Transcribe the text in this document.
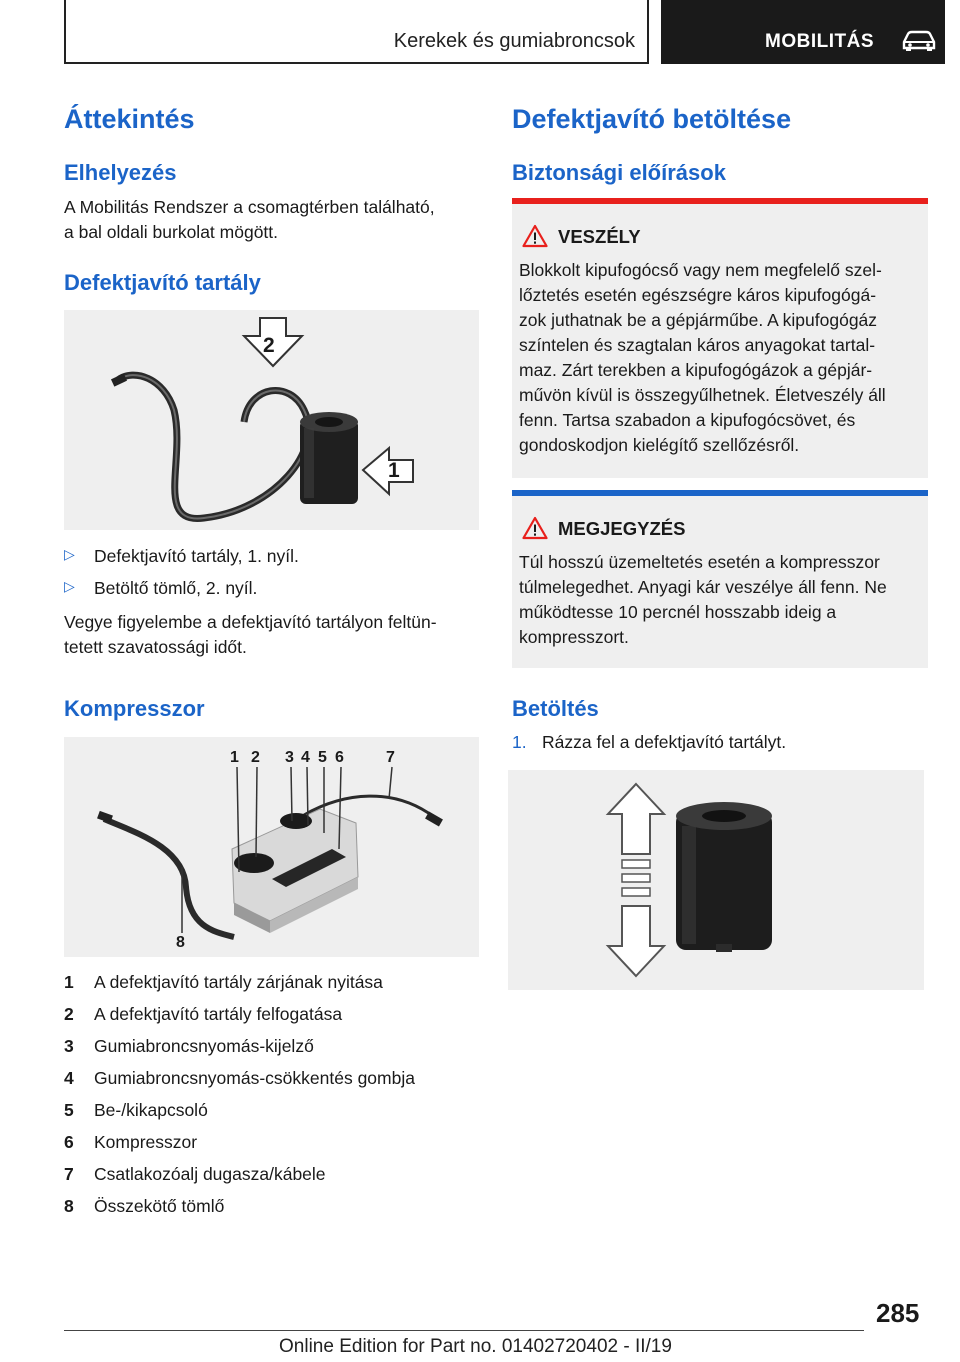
Kerekek és gumiabroncsok	MOBILITÁS
Áttekintés
Elhelyezés
A Mobilitás Rendszer a csomagtérben található,
a bal oldali burkolat mögött.
Defektjavító tartály
2
1
▷ Defektjavító tartály, 1. nyíl.
▷ Betöltő tömlő, 2. nyíl.
Vegye figyelembe a defektjavító tartályon feltün‐
tetett szavatossági időt.
Kompresszor
1 2 3 4 5 6	7
8
1 A defektjavító tartály zárjának nyitása
2 A defektjavító tartály felfogatása
3 Gumiabroncsnyomás-kijelző
4 Gumiabroncsnyomás-csökkentés gombja
5 Be-/kikapcsoló
6 Kompresszor
7 Csatlakozóalj dugasza/kábele
8 Összekötő tömlő
Defektjavító betöltése
Biztonsági előírások
VESZÉLY
Blokkolt kipufogócső vagy nem megfelelő szel‐
lőztetés esetén egészségre káros kipufogógá‐
zok juthatnak be a gépjárműbe. A kipufogógáz
színtelen és szagtalan káros anyagokat tartal‐
maz. Zárt terekben a kipufogógázok a gépjár‐
művön kívül is összegyűlhetnek. Életveszély áll
fenn. Tartsa szabadon a kipufogócsövet, és
gondoskodjon kielégítő szellőzésről.
MEGJEGYZÉS
Túl hosszú üzemeltetés esetén a kompresszor
túlmelegedhet. Anyagi kár veszélye áll fenn. Ne
működtesse 10 percnél hosszabb ideig a
kompresszort.
Betöltés
1. Rázza fel a defektjavító tartályt.
285
Online Edition for Part no. 01402720402 - II/19
